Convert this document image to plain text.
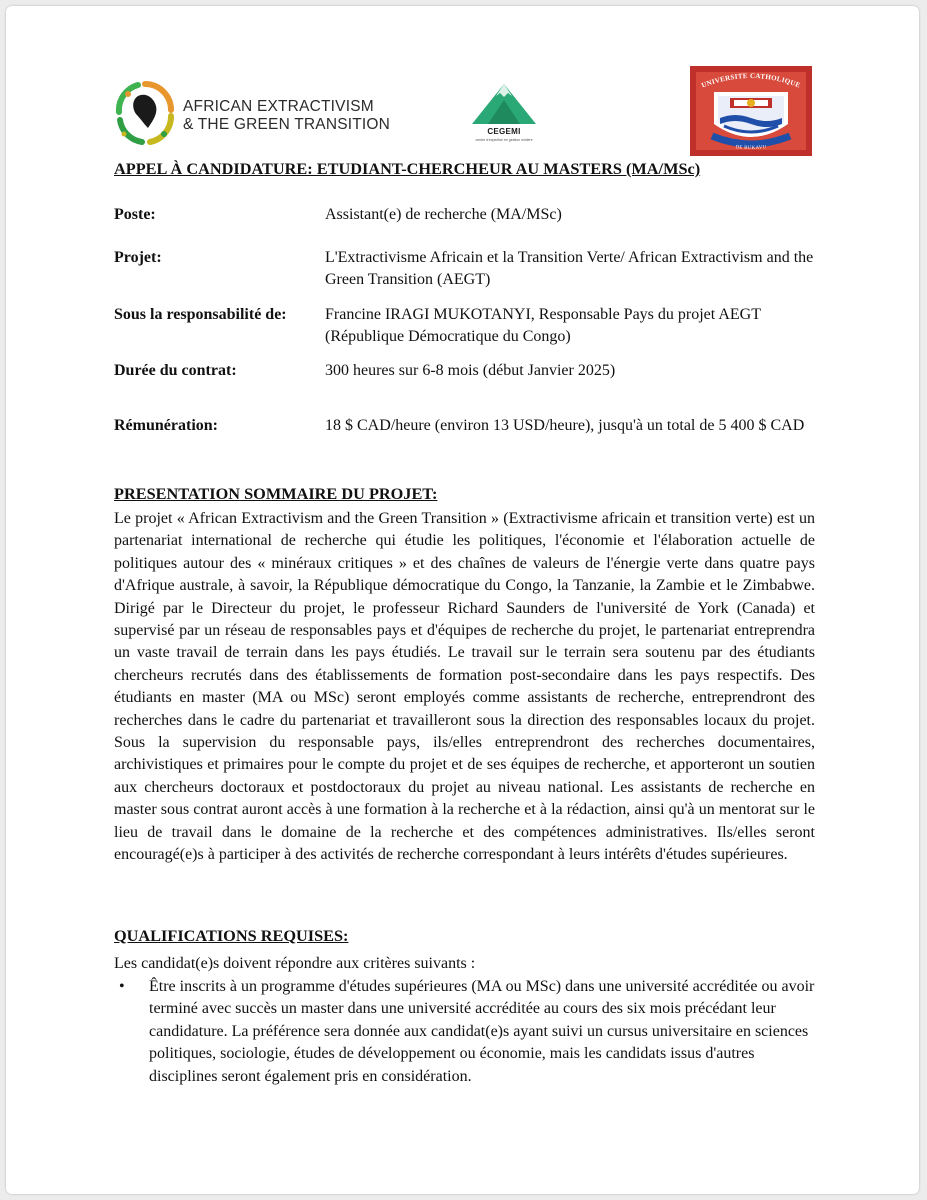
AFRICAN EXTRACTIVISM
& THE GREEN TRANSITION	CEGEMI
centre d'expertise en gestion minière
UNIVERSITE CATHOLIQUE
DE BUKAVU
APPEL À CANDIDATURE: ETUDIANT-CHERCHEUR AU MASTERS (MA/MSc)
Poste:	Assistant(e) de recherche (MA/MSc)
Projet:	L'Extractivisme Africain et la Transition Verte/ African Extractivism and the Green Transition (AEGT)
Sous la responsabilité de: Francine IRAGI MUKOTANYI, Responsable Pays du projet AEGT (République Démocratique du Congo)
Durée du contrat:	300 heures sur 6-8 mois (début Janvier 2025)
Rémunération:	18 $ CAD/heure (environ 13 USD/heure), jusqu'à un total de 5 400 $ CAD
PRESENTATION SOMMAIRE DU PROJET:
Le projet « African Extractivism and the Green Transition » (Extractivisme africain et transition verte) est un partenariat international de recherche qui étudie les politiques, l'économie et l'élaboration actuelle de politiques autour des « minéraux critiques » et des chaînes de valeurs de l'énergie verte dans quatre pays d'Afrique australe, à savoir, la République démocratique du Congo, la Tanzanie, la Zambie et le Zimbabwe. Dirigé par le Directeur du projet, le professeur Richard Saunders de l'université de York (Canada) et supervisé par un réseau de responsables pays et d'équipes de recherche du projet, le partenariat entreprendra un vaste travail de terrain dans les pays étudiés. Le travail sur le terrain sera soutenu par des étudiants chercheurs recrutés dans des établissements de formation post-secondaire dans les pays respectifs. Des étudiants en master (MA ou MSc) seront employés comme assistants de recherche, entreprendront des recherches dans le cadre du partenariat et travailleront sous la direction des responsables locaux du projet. Sous la supervision du responsable pays, ils/elles entreprendront des recherches documentaires, archivistiques et primaires pour le compte du projet et de ses équipes de recherche, et apporteront un soutien aux chercheurs doctoraux et postdoctoraux du projet au niveau national. Les assistants de recherche en master sous contrat auront accès à une formation à la recherche et à la rédaction, ainsi qu'à un mentorat sur le lieu de travail dans le domaine de la recherche et des compétences administratives. Ils/elles seront encouragé(e)s à participer à des activités de recherche correspondant à leurs intérêts d'études supérieures.
QUALIFICATIONS REQUISES:
Les candidat(e)s doivent répondre aux critères suivants :
• Être inscrits à un programme d'études supérieures (MA ou MSc) dans une université accréditée ou avoir terminé avec succès un master dans une université accréditée au cours des six mois précédant leur candidature. La préférence sera donnée aux candidat(e)s ayant suivi un cursus universitaire en sciences politiques, sociologie, études de développement ou économie, mais les candidats issus d'autres disciplines seront également pris en considération.
